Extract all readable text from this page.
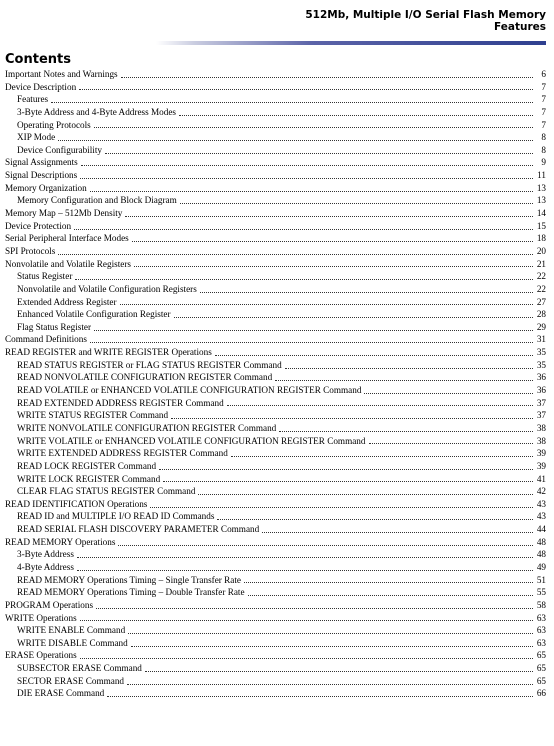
512Mb, Multiple I/O Serial Flash Memory
Features
Contents
Important Notes and Warnings	6
Device Description	7
Features	7
3-Byte Address and 4-Byte Address Modes	7
Operating Protocols	7
XIP Mode	8
Device Configurability	8
Signal Assignments	9
Signal Descriptions	11
Memory Organization	13
Memory Configuration and Block Diagram	13
Memory Map – 512Mb Density	14
Device Protection	15
Serial Peripheral Interface Modes	18
SPI Protocols	20
Nonvolatile and Volatile Registers	21
Status Register	22
Nonvolatile and Volatile Configuration Registers	22
Extended Address Register	27
Enhanced Volatile Configuration Register	28
Flag Status Register	29
Command Definitions	31
READ REGISTER and WRITE REGISTER Operations	35
READ STATUS REGISTER or FLAG STATUS REGISTER Command	35
READ NONVOLATILE CONFIGURATION REGISTER Command	36
READ VOLATILE or ENHANCED VOLATILE CONFIGURATION REGISTER Command	36
READ EXTENDED ADDRESS REGISTER Command	37
WRITE STATUS REGISTER Command	37
WRITE NONVOLATILE CONFIGURATION REGISTER Command	38
WRITE VOLATILE or ENHANCED VOLATILE CONFIGURATION REGISTER Command	38
WRITE EXTENDED ADDRESS REGISTER Command	39
READ LOCK REGISTER Command	39
WRITE LOCK REGISTER Command	41
CLEAR FLAG STATUS REGISTER Command	42
READ IDENTIFICATION Operations	43
READ ID and MULTIPLE I/O READ ID Commands	43
READ SERIAL FLASH DISCOVERY PARAMETER Command	44
READ MEMORY Operations	48
3-Byte Address	48
4-Byte Address	49
READ MEMORY Operations Timing – Single Transfer Rate	51
READ MEMORY Operations Timing – Double Transfer Rate	55
PROGRAM Operations	58
WRITE Operations	63
WRITE ENABLE Command	63
WRITE DISABLE Command	63
ERASE Operations	65
SUBSECTOR ERASE Command	65
SECTOR ERASE Command	65
DIE ERASE Command	66
